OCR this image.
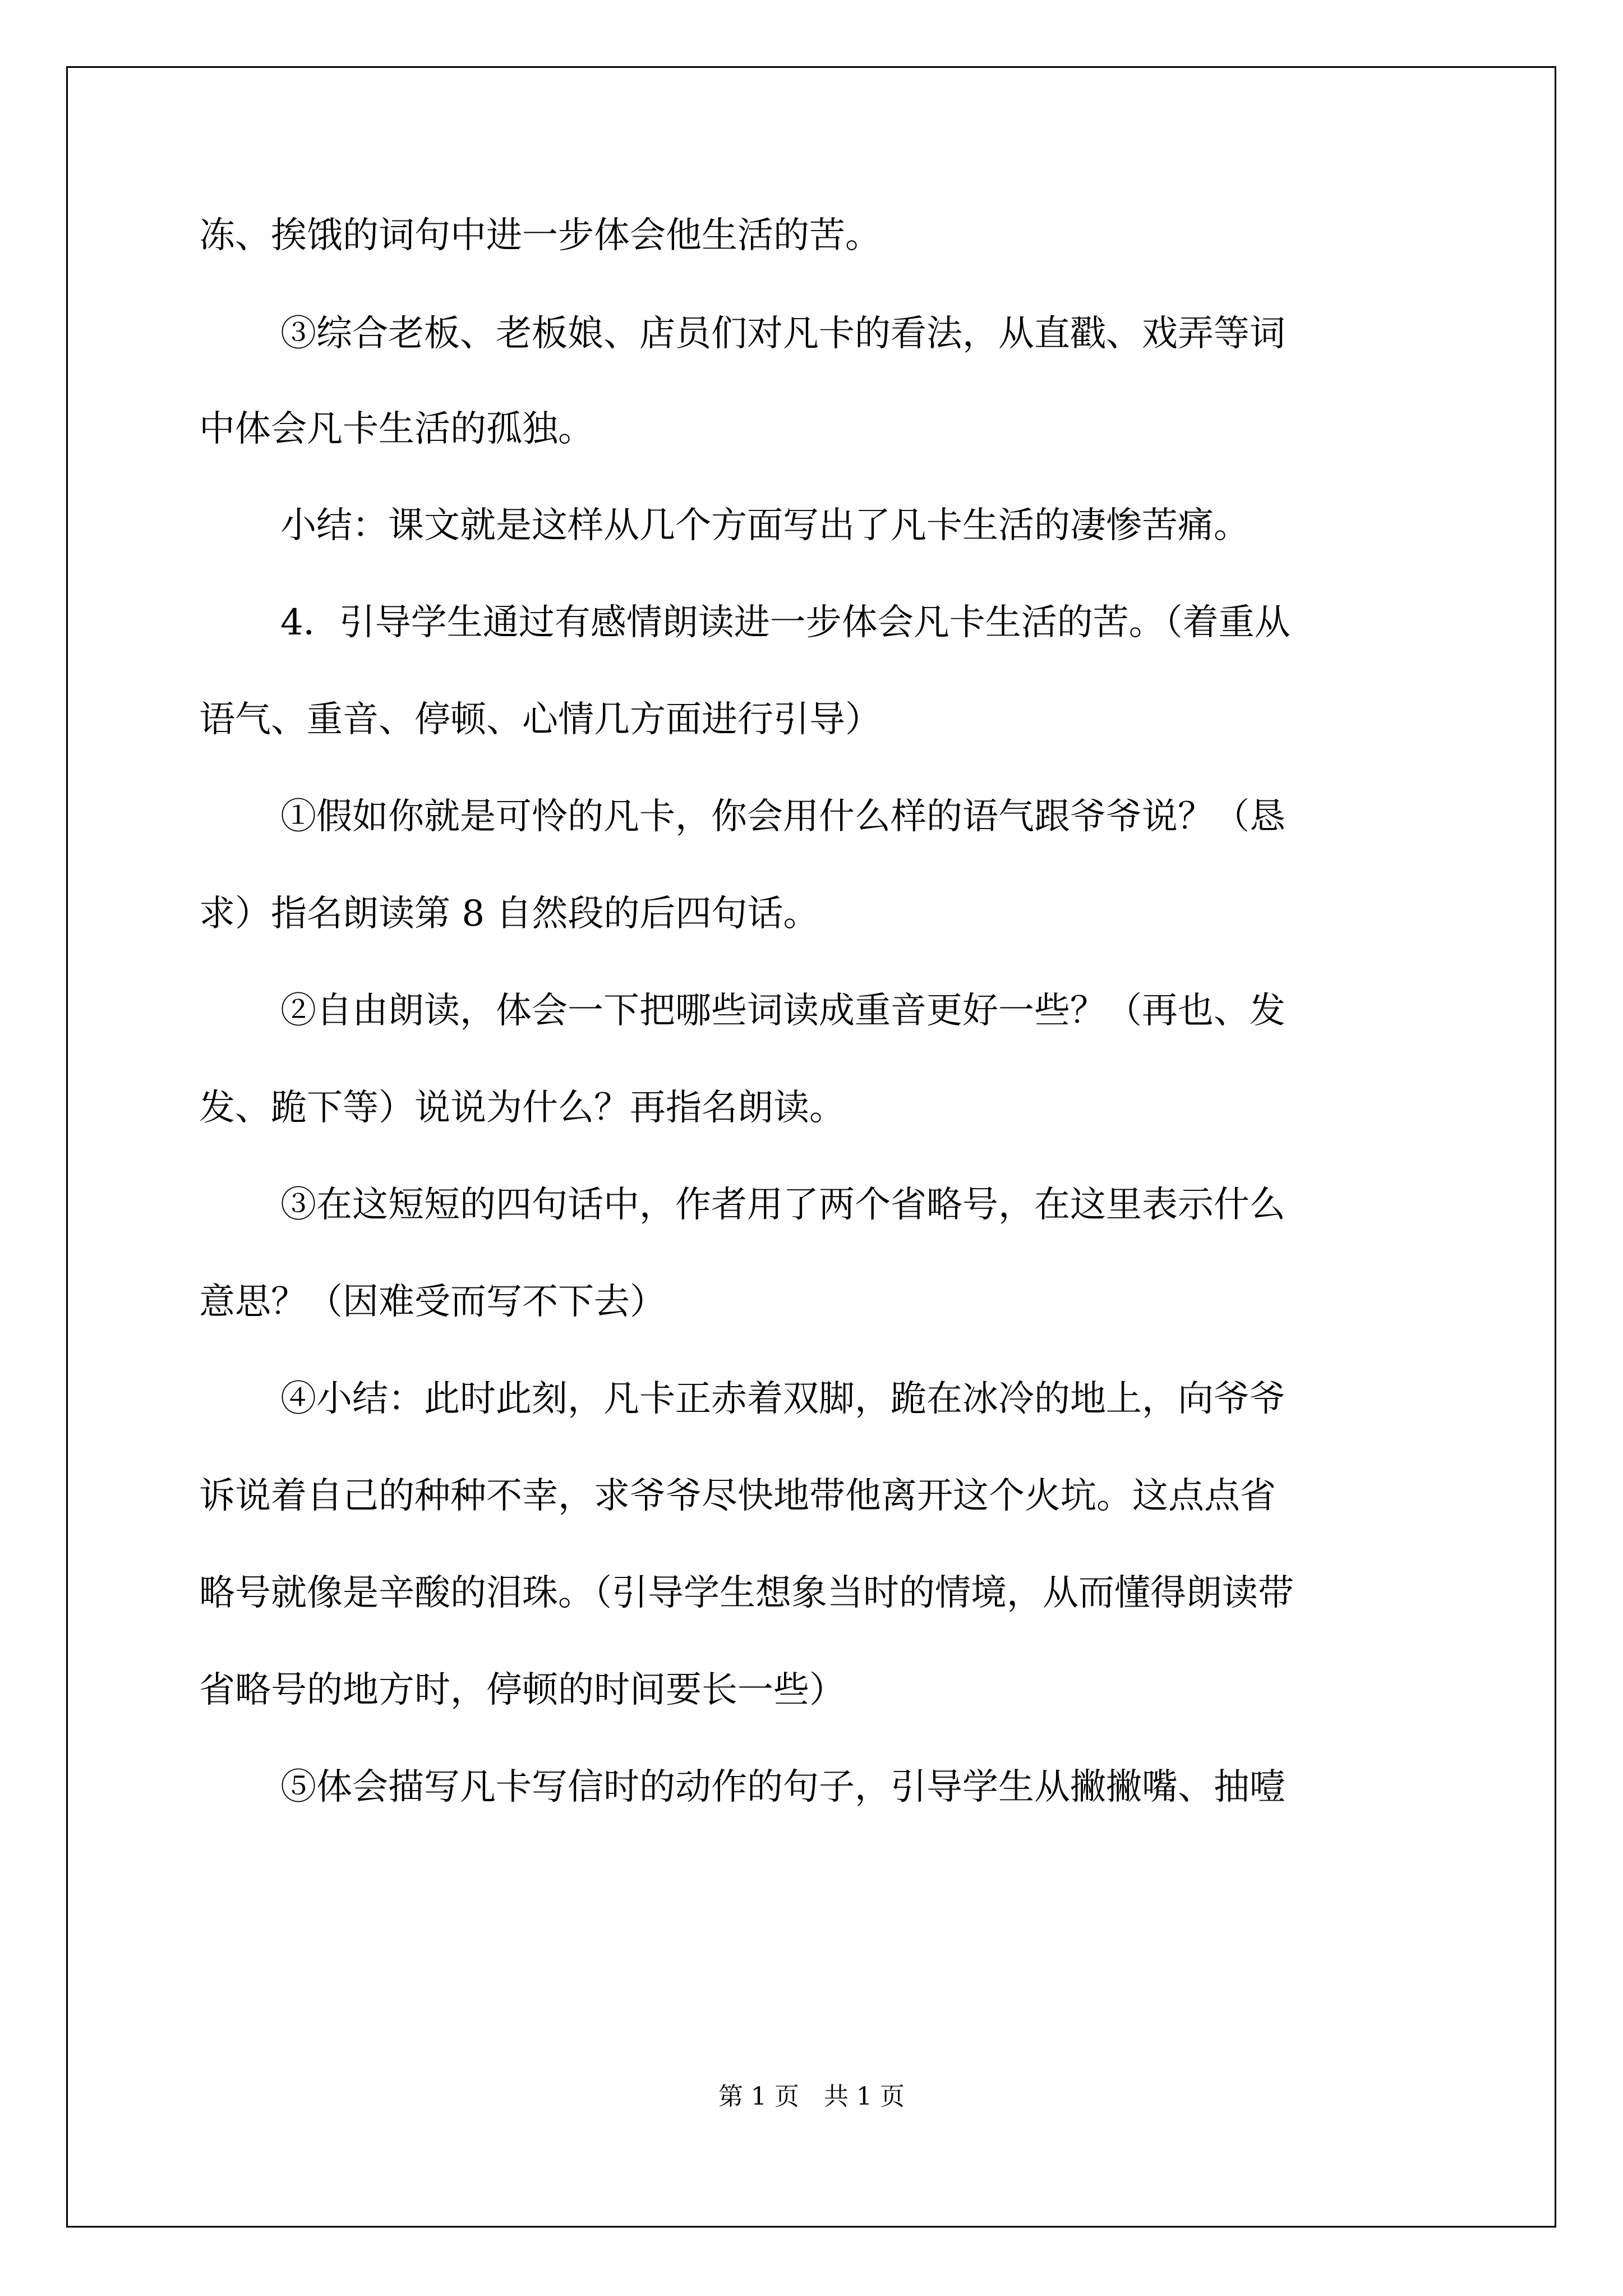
冻、挨饿的词句中进一步体会他生活的苦。
③综合老板、老板娘、店员们对凡卡的看法，从直戳、戏弄等词
中体会凡卡生活的孤独。
小结：课文就是这样从几个方面写出了凡卡生活的凄惨苦痛。
4．引导学生通过有感情朗读进一步体会凡卡生活的苦。（着重从
语气、重音、停顿、心情几方面进行引导）
①假如你就是可怜的凡卡，你会用什么样的语气跟爷爷说？（恳
求）指名朗读第 8 自然段的后四句话。
②自由朗读，体会一下把哪些词读成重音更好一些？（再也、发
发、跪下等）说说为什么？再指名朗读。
③在这短短的四句话中，作者用了两个省略号，在这里表示什么
意思？（因难受而写不下去）
④小结：此时此刻，凡卡正赤着双脚，跪在冰冷的地上，向爷爷
诉说着自己的种种不幸，求爷爷尽快地带他离开这个火坑。这点点省
略号就像是辛酸的泪珠。（引导学生想象当时的情境，从而懂得朗读带
省略号的地方时，停顿的时间要长一些）
⑤体会描写凡卡写信时的动作的句子，引导学生从撇撇嘴、抽噎
第 1 页　共 1 页
